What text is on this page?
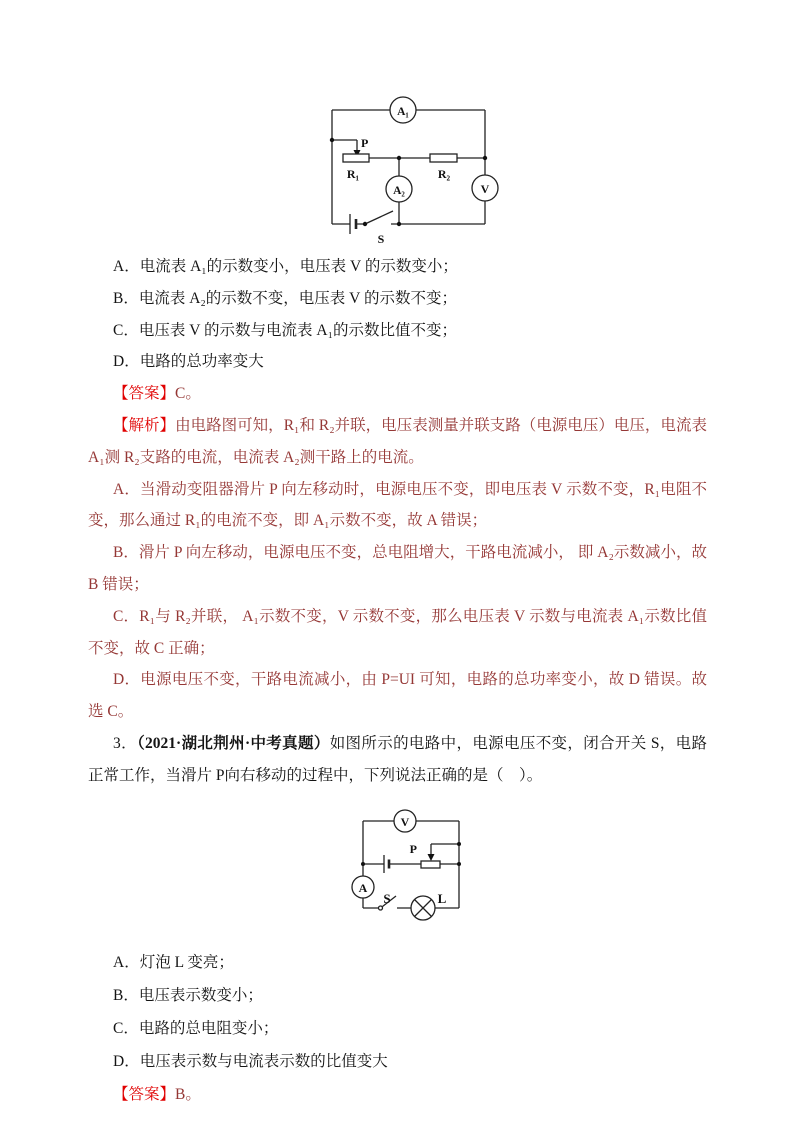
A₁
P
R₁	R₂
A₂	V
S

A．电流表 A₁的示数变小，电压表 V 的示数变小；

B．电流表 A₂的示数不变，电压表 V 的示数不变；

C．电压表 V 的示数与电流表 A₁的示数比值不变；

D．电路的总功率变大

【答案】C。

【解析】由电路图可知，R₁和 R₂并联，电压表测量并联支路（电源电压）电压，电流表 A₁测 R₂支路的电流，电流表 A₂测干路上的电流。

A．当滑动变阻器滑片 P 向左移动时，电源电压不变，即电压表 V 示数不变，R₁电阻不变，那么通过 R₁的电流不变，即 A₁示数不变，故 A 错误；

B．滑片 P 向左移动，电源电压不变，总电阻增大，干路电流减小， 即 A₂示数减小，故 B 错误；

C．R₁与 R₂并联， A₁示数不变，V 示数不变，那么电压表 V 示数与电流表 A₁示数比值不变，故 C 正确；

D．电源电压不变，干路电流减小，由 P=UI 可知，电路的总功率变小，故 D 错误。故选 C。

3．（2021·湖北荆州·中考真题）如图所示的电路中，电源电压不变，闭合开关 S，电路正常工作，当滑片 P向右移动的过程中，下列说法正确的是（　）。

V
P
A
S	L

A．灯泡 L 变亮；

B．电压表示数变小；

C．电路的总电阻变小；

D．电压表示数与电流表示数的比值变大

【答案】B。
